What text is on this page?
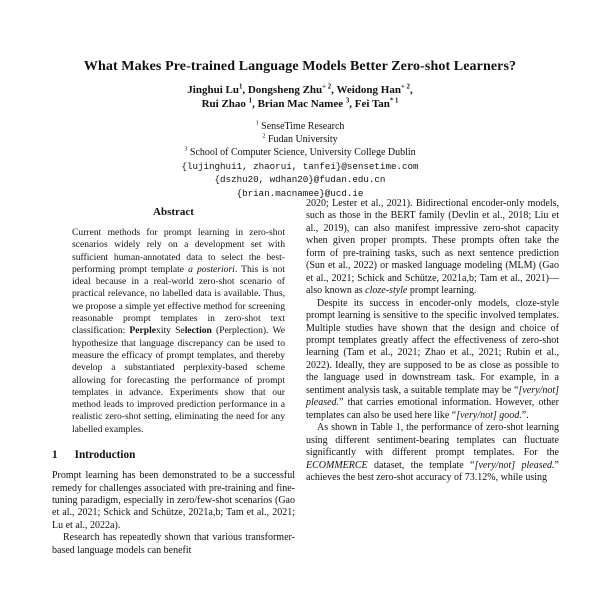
What Makes Pre-trained Language Models Better Zero-shot Learners?
Jinghui Lu$^1$, Dongsheng Zhu$^{+ 2}$, Weidong Han$^{+ 2}$,
Rui Zhao $^1$, Brian Mac Namee $^3$, Fei Tan$^{* 1}$
$^1$ SenseTime Research
$^2$ Fudan University
$^3$ School of Computer Science, University College Dublin
{lujinghui1, zhaorui, tanfei}@sensetime.com
{dszhu20, wdhan20}@fudan.edu.cn
{brian.macnamee}@ucd.ie
Abstract

Current methods for prompt learning in zero-shot scenarios widely rely on a development set with sufficient human-annotated data to select the best-performing prompt template a posteriori. This is not ideal because in a real-world zero-shot scenario of practical relevance, no labelled data is available. Thus, we propose a simple yet effective method for screening reasonable prompt templates in zero-shot text classification: Perplexity Selection (Perplection). We hypothesize that language discrepancy can be used to measure the efficacy of prompt templates, and thereby develop a substantiated perplexity-based scheme allowing for forecasting the performance of prompt templates in advance. Experiments show that our method leads to improved prediction performance in a realistic zero-shot setting, eliminating the need for any labelled examples.

1 Introduction

Prompt learning has been demonstrated to be a successful remedy for challenges associated with pre-training and fine-tuning paradigm, especially in zero/few-shot scenarios (Gao et al., 2021; Schick and Schütze, 2021a,b; Tam et al., 2021; Lu et al., 2022a).

Research has repeatedly shown that various transformer-based language models can benefit

2020; Lester et al., 2021). Bidirectional encoder-only models, such as those in the BERT family (Devlin et al., 2018; Liu et al., 2019), can also manifest impressive zero-shot capacity when given proper prompts. These prompts often take the form of pre-training tasks, such as next sentence prediction (Sun et al., 2022) or masked language modeling (MLM) (Gao et al., 2021; Schick and Schütze, 2021a,b; Tam et al., 2021)—also known as cloze-style prompt learning.

Despite its success in encoder-only models, cloze-style prompt learning is sensitive to the specific involved templates. Multiple studies have shown that the design and choice of prompt templates greatly affect the effectiveness of zero-shot learning (Tam et al., 2021; Zhao et al., 2021; Rubin et al., 2022). Ideally, they are supposed to be as close as possible to the language used in downstream task. For example, in a sentiment analysis task, a suitable template may be “[very/not] pleased.” that carries emotional information. However, other templates can also be used here like “[very/not] good.”.

As shown in Table 1, the performance of zero-shot learning using different sentiment-bearing templates can fluctuate significantly with different prompt templates. For the ECOMMERCE dataset, the template “[very/not] pleased.” achieves the best zero-shot accuracy of 73.12%, while using
